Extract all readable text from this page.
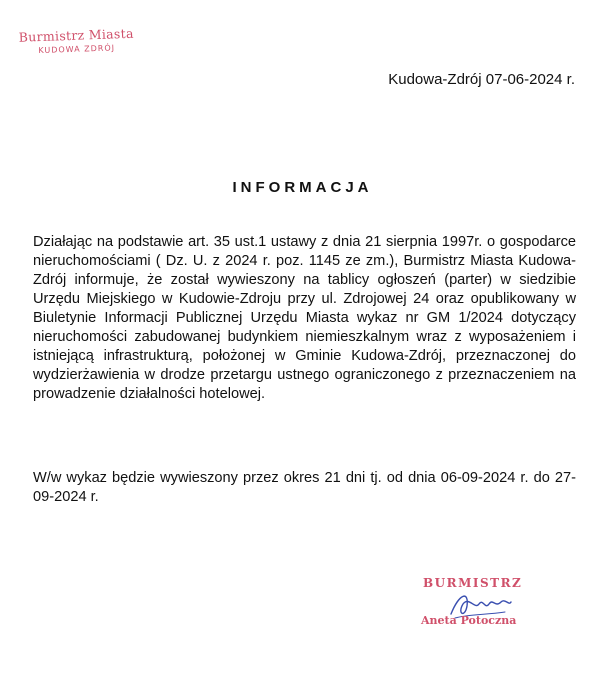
Burmistrz Miasta
KUDOWA ZDRÓJ
Kudowa-Zdrój 07-06-2024 r.
INFORMACJA
Działając na podstawie art. 35 ust.1 ustawy z dnia 21 sierpnia 1997r. o gospodarce nieruchomościami ( Dz. U. z 2024 r. poz. 1145 ze zm.), Burmistrz Miasta Kudowa-Zdrój informuje, że został wywieszony na tablicy ogłoszeń (parter) w siedzibie Urzędu Miejskiego w Kudowie-Zdroju przy ul. Zdrojowej 24 oraz opublikowany w Biuletynie Informacji Publicznej Urzędu Miasta wykaz nr GM 1/2024 dotyczący nieruchomości zabudowanej budynkiem niemieszkalnym wraz z wyposażeniem i istniejącą infrastrukturą, położonej w Gminie Kudowa-Zdrój, przeznaczonej do wydzierżawienia w drodze przetargu ustnego ograniczonego z przeznaczeniem na prowadzenie działalności hotelowej.
W/w wykaz będzie wywieszony przez okres 21 dni tj. od dnia 06-09-2024 r. do 27-09-2024 r.
BURMISTRZ
Aneta Potoczna
